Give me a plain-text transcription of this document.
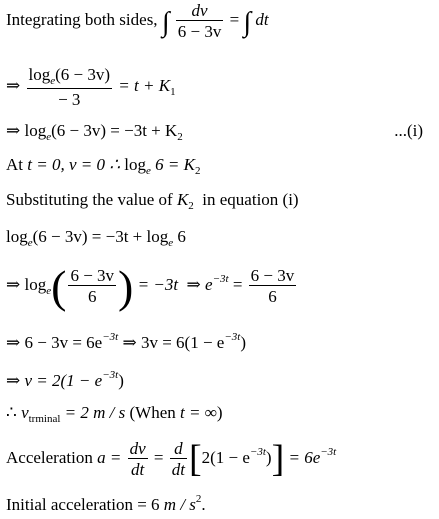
Integrating both sides, ∫ $\frac{dv}{6 - 3v}$ = ∫ dt
⇒ $\frac{\log_e(6 - 3v)}{- 3} = t + K_1$
⇒ $\log_e(6 - 3v) = -3t + K_2$	...(i)
At t = 0, v = 0 ∴ $\log_e 6 = K_2$
Substituting the value of $K_2$ in equation (i)
$\log_e(6 - 3v) = -3t + \log_e 6$
⇒ $\log_e( \frac{6 - 3v}{6}$ ) = −3t ⇒ $e^{-3t} = \frac{6 - 3v}{6}$
⇒ $6 - 3v = 6e^{-3t}$ ⇒ $3v = 6(1 - e^{-3t})$
⇒ $v = 2(1 - e^{-3t})$
∴ $v_{trminal} = 2$ m / s (When t = ∞)
Acceleration $a = \frac{dv}{dt} = \frac{d}{dt} [2(1 - e^{-3t})] = 6e^{-3t}$
Initial acceleration = 6 m / $s^2$.
